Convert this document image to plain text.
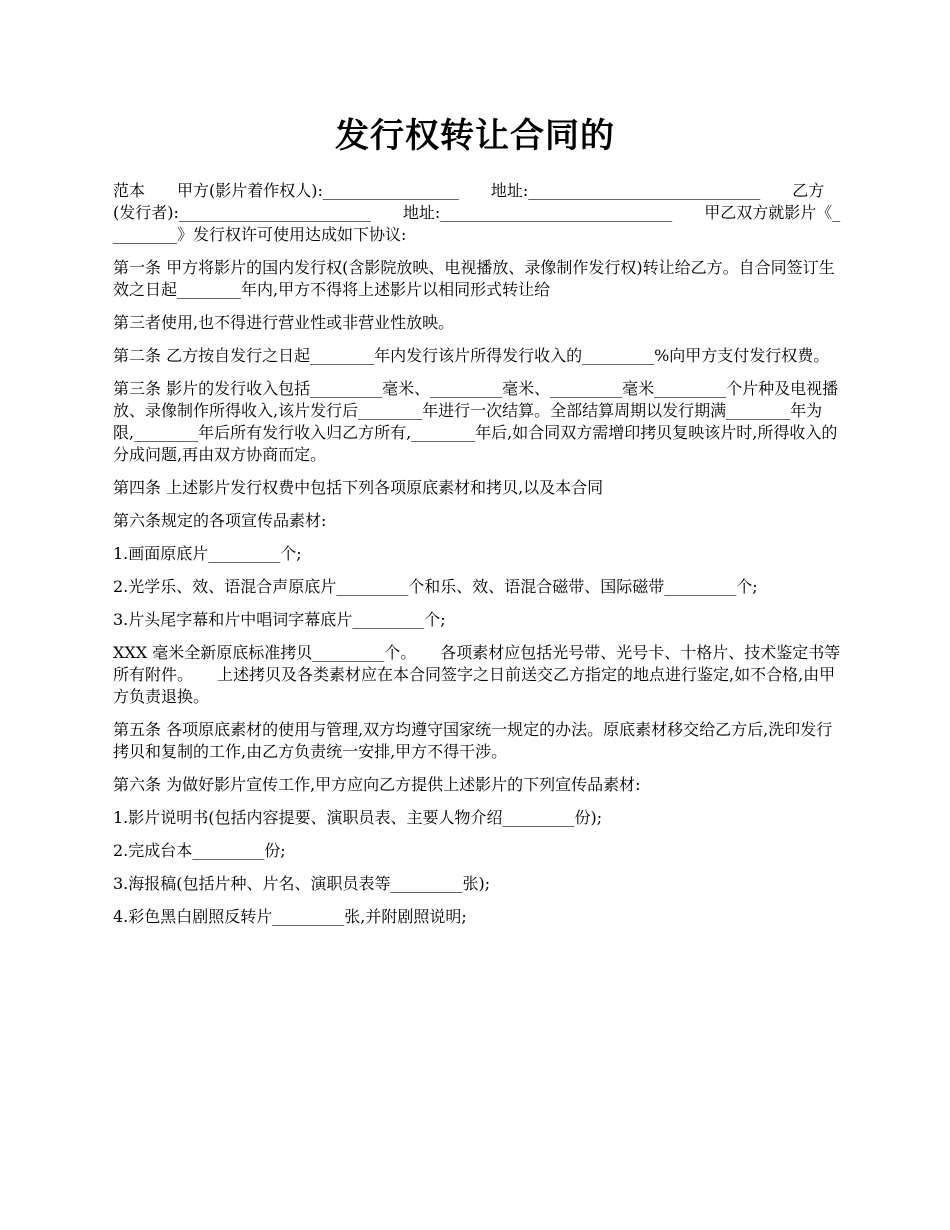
发行权转让合同的

范本　　甲方(影片着作权人):_________________　　地址:_____________________________　　乙方(发行者):________________________　　地址:_____________________________　　甲乙双方就影片《_________》发行权许可使用达成如下协议:

第一条 甲方将影片的国内发行权(含影院放映、电视播放、录像制作发行权)转让给乙方。自合同签订生效之日起________年内,甲方不得将上述影片以相同形式转让给

第三者使用,也不得进行营业性或非营业性放映。

第二条 乙方按自发行之日起________年内发行该片所得发行收入的_________%向甲方支付发行权费。

第三条 影片的发行收入包括_________毫米、_________毫米、_________毫米_________个片种及电视播放、录像制作所得收入,该片发行后________年进行一次结算。全部结算周期以发行期满________年为限,________年后所有发行收入归乙方所有,________年后,如合同双方需增印拷贝复映该片时,所得收入的分成问题,再由双方协商而定。

第四条 上述影片发行权费中包括下列各项原底素材和拷贝,以及本合同

第六条规定的各项宣传品素材:

1.画面原底片_________个;

2.光学乐、效、语混合声原底片_________个和乐、效、语混合磁带、国际磁带_________个;

3.片头尾字幕和片中唱词字幕底片_________个;

XXX 毫米全新原底标准拷贝_________个。　　各项素材应包括光号带、光号卡、十格片、技术鉴定书等所有附件。　　上述拷贝及各类素材应在本合同签字之日前送交乙方指定的地点进行鉴定,如不合格,由甲方负责退换。

第五条 各项原底素材的使用与管理,双方均遵守国家统一规定的办法。原底素材移交给乙方后,洗印发行拷贝和复制的工作,由乙方负责统一安排,甲方不得干涉。

第六条 为做好影片宣传工作,甲方应向乙方提供上述影片的下列宣传品素材:

1.影片说明书(包括内容提要、演职员表、主要人物介绍_________份);

2.完成台本_________份;

3.海报稿(包括片种、片名、演职员表等_________张);

4.彩色黑白剧照反转片_________张,并附剧照说明;
